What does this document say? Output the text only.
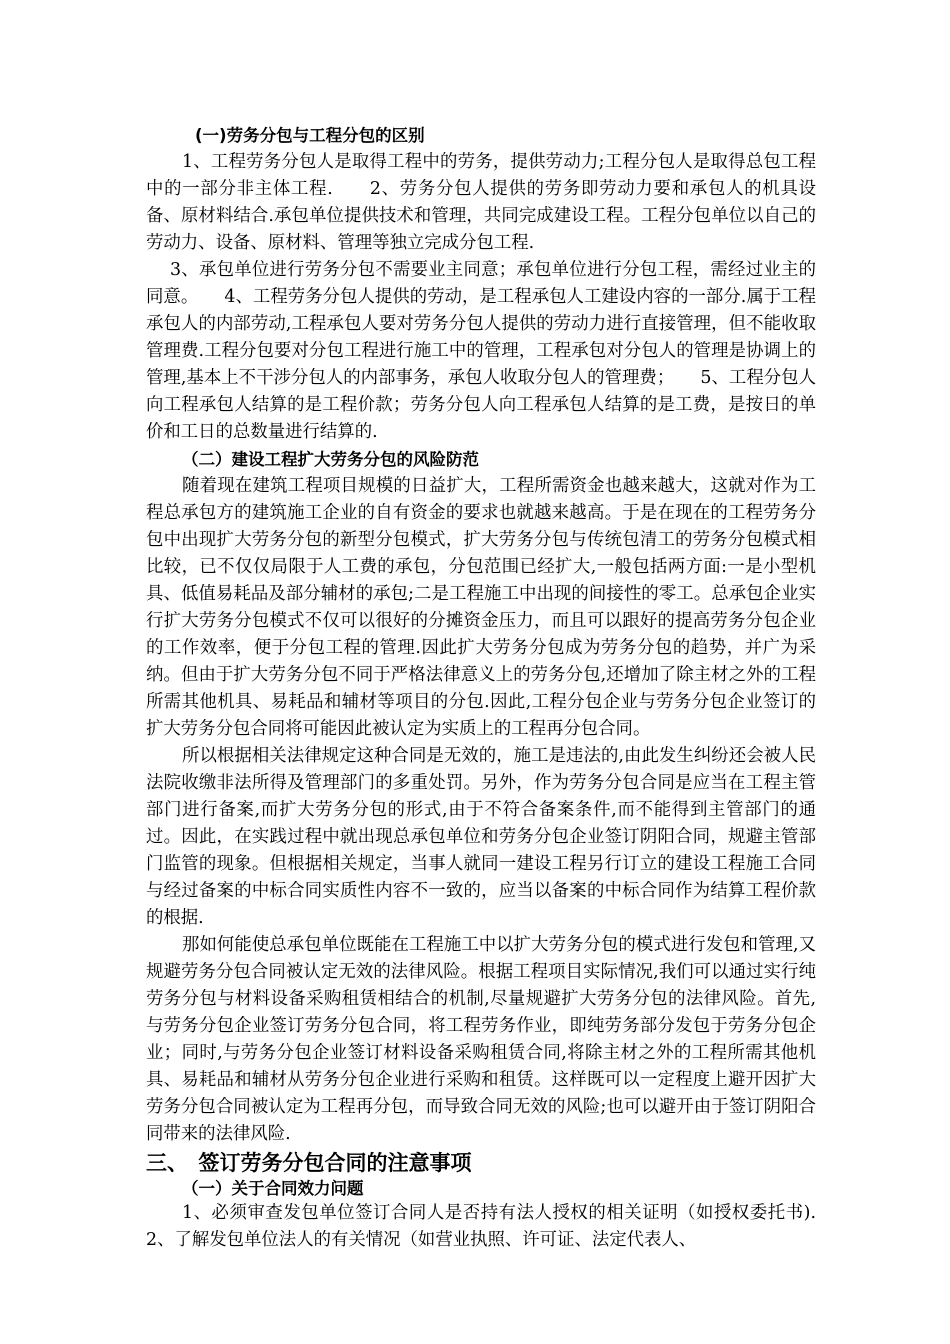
(一)劳务分包与工程分包的区别

1、工程劳务分包人是取得工程中的劳务，提供劳动力;工程分包人是取得总包工程中的一部分非主体工程.　　2、劳务分包人提供的劳务即劳动力要和承包人的机具设备、原材料结合.承包单位提供技术和管理，共同完成建设工程。工程分包单位以自己的劳动力、设备、原材料、管理等独立完成分包工程.

3、承包单位进行劳务分包不需要业主同意；承包单位进行分包工程，需经过业主的同意。　　4、工程劳务分包人提供的劳动，是工程承包人工建设内容的一部分.属于工程承包人的内部劳动,工程承包人要对劳务分包人提供的劳动力进行直接管理，但不能收取管理费.工程分包要对分包工程进行施工中的管理，工程承包对分包人的管理是协调上的管理,基本上不干涉分包人的内部事务，承包人收取分包人的管理费；　　5、工程分包人向工程承包人结算的是工程价款；劳务分包人向工程承包人结算的是工费，是按日的单价和工日的总数量进行结算的.

（二）建设工程扩大劳务分包的风险防范

随着现在建筑工程项目规模的日益扩大，工程所需资金也越来越大，这就对作为工程总承包方的建筑施工企业的自有资金的要求也就越来越高。于是在现在的工程劳务分包中出现扩大劳务分包的新型分包模式，扩大劳务分包与传统包清工的劳务分包模式相比较，已不仅仅局限于人工费的承包，分包范围已经扩大,一般包括两方面:一是小型机具、低值易耗品及部分辅材的承包;二是工程施工中出现的间接性的零工。总承包企业实行扩大劳务分包模式不仅可以很好的分摊资金压力，而且可以跟好的提高劳务分包企业的工作效率，便于分包工程的管理.因此扩大劳务分包成为劳务分包的趋势，并广为采纳。但由于扩大劳务分包不同于严格法律意义上的劳务分包,还增加了除主材之外的工程所需其他机具、易耗品和辅材等项目的分包.因此,工程分包企业与劳务分包企业签订的扩大劳务分包合同将可能因此被认定为实质上的工程再分包合同。

所以根据相关法律规定这种合同是无效的，施工是违法的,由此发生纠纷还会被人民法院收缴非法所得及管理部门的多重处罚。另外，作为劳务分包合同是应当在工程主管部门进行备案,而扩大劳务分包的形式,由于不符合备案条件,而不能得到主管部门的通过。因此，在实践过程中就出现总承包单位和劳务分包企业签订阴阳合同，规避主管部门监管的现象。但根据相关规定，当事人就同一建设工程另行订立的建设工程施工合同与经过备案的中标合同实质性内容不一致的，应当以备案的中标合同作为结算工程价款的根据.

那如何能使总承包单位既能在工程施工中以扩大劳务分包的模式进行发包和管理,又规避劳务分包合同被认定无效的法律风险。根据工程项目实际情况,我们可以通过实行纯劳务分包与材料设备采购租赁相结合的机制,尽量规避扩大劳务分包的法律风险。首先,与劳务分包企业签订劳务分包合同，将工程劳务作业，即纯劳务部分发包于劳务分包企业；同时,与劳务分包企业签订材料设备采购租赁合同,将除主材之外的工程所需其他机具、易耗品和辅材从劳务分包企业进行采购和租赁。这样既可以一定程度上避开因扩大劳务分包合同被认定为工程再分包，而导致合同无效的风险;也可以避开由于签订阴阳合同带来的法律风险.

三、　签订劳务分包合同的注意事项

（一）关于合同效力问题

1、必须审查发包单位签订合同人是否持有法人授权的相关证明（如授权委托书).　2、了解发包单位法人的有关情况（如营业执照、许可证、法定代表人、
